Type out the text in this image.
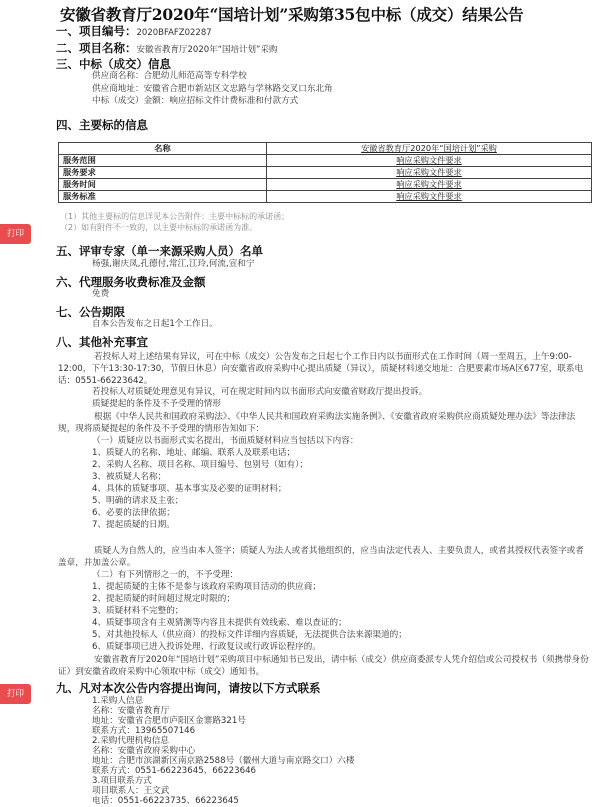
安徽省教育厅2020年“国培计划”采购第35包中标（成交）结果公告
一、项目编号：2020BFAFZ02287
二、项目名称：安徽省教育厅2020年“国培计划”采购
三、中标（成交）信息
供应商名称：合肥幼儿师范高等专科学校
供应商地址：安徽省合肥市新站区文忠路与学林路交叉口东北角
中标（成交）金额：响应招标文件计费标准和付款方式
四、主要标的信息
名称	安徽省教育厅2020年“国培计划”采购
服务范围	响应采购文件要求
服务要求	响应采购文件要求
服务时间	响应采购文件要求
服务标准	响应采购文件要求
（1）其他主要标的信息详见本公告附件：主要中标标的承诺函；
（2）如有附件不一致的，以主要中标标的承诺函为准。
打印
五、评审专家（单一来源采购人员）名单
杨强,谢庆凤,孔德付,常江,江玲,何流,宣和宁
六、代理服务收费标准及金额
免费
七、公告期限
自本公告发布之日起1个工作日。
八、其他补充事宜
若投标人对上述结果有异议，可在中标（成交）公告发布之日起七个工作日内以书面形式在工作时间（周一至周五，上午9:00-12:00，下午13:30-17:30，节假日休息）向安徽省政府采购中心提出质疑（异议），质疑材料递交地址：合肥要素市场A区677室，联系电话：0551-66223642。
若投标人对质疑处理意见有异议，可在规定时间内以书面形式向安徽省财政厅提出投诉。
质疑提起的条件及不予受理的情形
根据《中华人民共和国政府采购法》、《中华人民共和国政府采购法实施条例》、《安徽省政府采购供应商质疑处理办法》等法律法规，现将质疑提起的条件及不予受理的情形告知如下：
（一）质疑应以书面形式实名提出，书面质疑材料应当包括以下内容：
1、质疑人的名称、地址、邮编、联系人及联系电话；
2、采购人名称、项目名称、项目编号、包别号（如有）；
3、被质疑人名称；
4、具体的质疑事项、基本事实及必要的证明材料；
5、明确的请求及主张；
6、必要的法律依据；
7、提起质疑的日期。
质疑人为自然人的，应当由本人签字；质疑人为法人或者其他组织的，应当由法定代表人、主要负责人，或者其授权代表签字或者盖章，并加盖公章。
（二）有下列情形之一的，不予受理：
1、提起质疑的主体不是参与该政府采购项目活动的供应商；
2、提起质疑的时间超过规定时限的；
3、质疑材料不完整的；
4、质疑事项含有主观猜测等内容且未提供有效线索、难以查证的；
5、对其他投标人（供应商）的投标文件详细内容质疑，无法提供合法来源渠道的；
6、质疑事项已进入投诉处理、行政复议或行政诉讼程序的。
安徽省教育厅2020年“国培计划”采购项目中标通知书已发出，请中标（成交）供应商委派专人凭介绍信或公司授权书（须携带身份证）到安徽省政府采购中心领取中标（成交）通知书。
九、凡对本次公告内容提出询问，请按以下方式联系
1.采购人信息
名称：安徽省教育厅
地址：安徽省合肥市庐阳区金寨路321号
联系方式：13965507146
2.采购代理机构信息
名称：安徽省政府采购中心
地址：合肥市滨湖新区南京路2588号（徽州大道与南京路交口）六楼
联系方式：0551-66223645、66223646
3.项目联系方式
项目联系人：王文武
电话：0551-66223735、66223645
打印
